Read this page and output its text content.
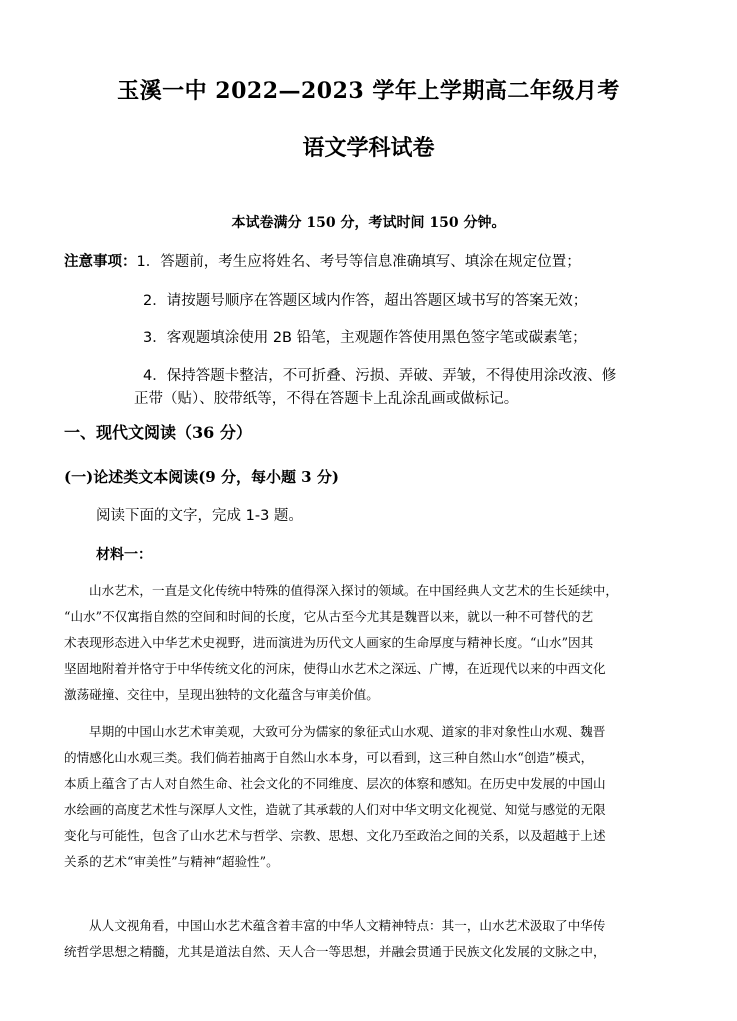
玉溪一中 2022—2023 学年上学期高二年级月考
语文学科试卷
本试卷满分 150 分，考试时间 150 分钟。
注意事项：1．答题前，考生应将姓名、考号等信息准确填写、填涂在规定位置；
2．请按题号顺序在答题区域内作答，超出答题区域书写的答案无效；
3．客观题填涂使用 2B 铅笔，主观题作答使用黑色签字笔或碳素笔；
4．保持答题卡整洁，不可折叠、污损、弄破、弄皱，不得使用涂改液、修
正带（贴）、胶带纸等，不得在答题卡上乱涂乱画或做标记。
一、现代文阅读（36 分）
(一)论述类文本阅读(9 分，每小题 3 分)
阅读下面的文字，完成 1-3 题。
材料一：
山水艺术，一直是文化传统中特殊的值得深入探讨的领域。在中国经典人文艺术的生长延续中，
“山水”不仅寓指自然的空间和时间的长度，它从古至今尤其是魏晋以来，就以一种不可替代的艺
术表现形态进入中华艺术史视野，进而演进为历代文人画家的生命厚度与精神长度。“山水”因其
坚固地附着并恪守于中华传统文化的河床，使得山水艺术之深远、广博，在近现代以来的中西文化
激荡碰撞、交往中，呈现出独特的文化蕴含与审美价值。
早期的中国山水艺术审美观，大致可分为儒家的象征式山水观、道家的非对象性山水观、魏晋
的情感化山水观三类。我们倘若抽离于自然山水本身，可以看到，这三种自然山水“创造”模式，
本质上蕴含了古人对自然生命、社会文化的不同维度、层次的体察和感知。在历史中发展的中国山
水绘画的高度艺术性与深厚人文性，造就了其承载的人们对中华文明文化视觉、知觉与感觉的无限
变化与可能性，包含了山水艺术与哲学、宗教、思想、文化乃至政治之间的关系，以及超越于上述
关系的艺术“审美性”与精神“超验性”。
从人文视角看，中国山水艺术蕴含着丰富的中华人文精神特点：其一，山水艺术汲取了中华传
统哲学思想之精髓，尤其是道法自然、天人合一等思想，并融会贯通于民族文化发展的文脉之中，
